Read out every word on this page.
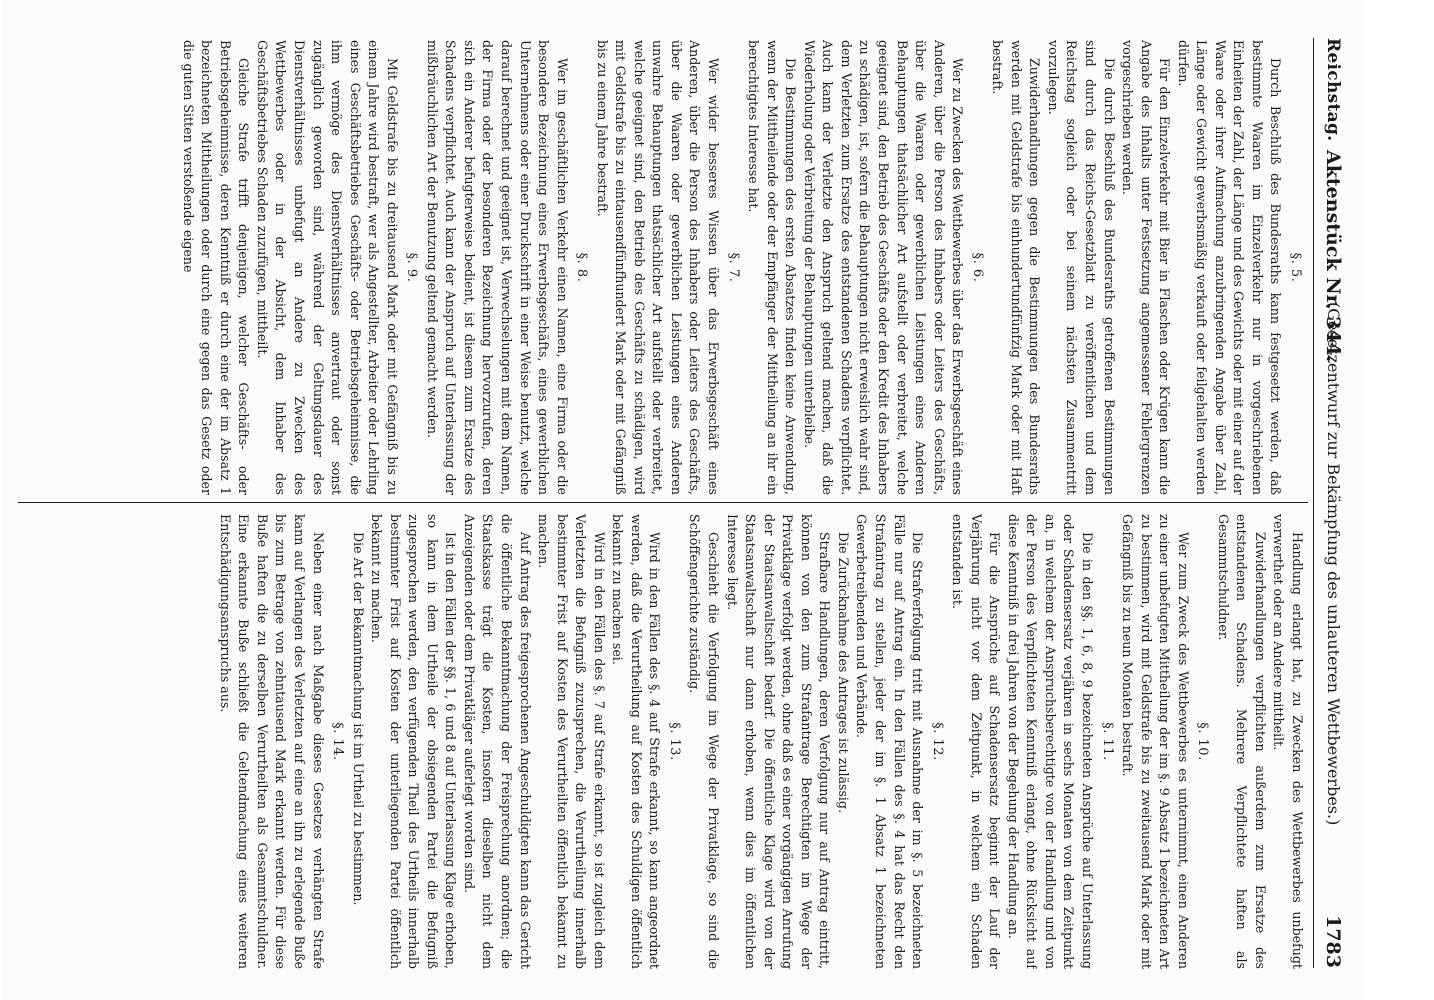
Reichstag.
Aktenstück Nr. 344.
(Gesetzentwurf zur Bekämpfung des unlauteren Wettbewerbes.)
1783
§. 5.

Durch Beschluß des Bundesraths kann festgesetzt werden, daß bestimmte Waaren im Einzelverkehr nur in vorgeschriebenen Einheiten der Zahl, der Länge und des Gewichts oder mit einer auf der Waare oder ihrer Aufmachung anzubringenden Angabe über Zahl, Länge oder Gewicht gewerbsmäßig verkauft oder feilgehalten werden dürfen.

Für den Einzelverkehr mit Bier in Flaschen oder Krügen kann die Angabe des Inhalts unter Festsetzung angemessener Fehlergrenzen vorgeschrieben werden.

Die durch Beschluß des Bundesraths getroffenen Bestimmungen sind durch das Reichs-Gesetzblatt zu veröffentlichen und dem Reichstag sogleich oder bei seinem nächsten Zusammentritt vorzulegen.

Zuwiderhandlungen gegen die Bestimmungen des Bundesraths werden mit Geldstrafe bis einhundertundfünfzig Mark oder mit Haft bestraft.

§. 6.

Wer zu Zwecken des Wettbewerbes über das Erwerbsgeschäft eines Anderen, über die Person des Inhabers oder Leiters des Geschäfts, über die Waaren oder gewerblichen Leistungen eines Anderen Behauptungen thatsächlicher Art aufstellt oder verbreitet, welche geeignet sind, den Betrieb des Geschäfts oder den Kredit des Inhabers zu schädigen, ist, sofern die Behauptungen nicht erweislich wahr sind, dem Verletzten zum Ersatze des entstandenen Schadens verpflichtet. Auch kann der Verletzte den Anspruch geltend machen, daß die Wiederholung oder Verbreitung der Behauptungen unterbleibe.

Die Bestimmungen des ersten Absatzes finden keine Anwendung, wenn der Mittheilende oder der Empfänger der Mittheilung an ihr ein berechtigtes Interesse hat.

§. 7.

Wer wider besseres Wissen über das Erwerbsgeschäft eines Anderen, über die Person des Inhabers oder Leiters des Geschäfts, über die Waaren oder gewerblichen Leistungen eines Anderen unwahre Behauptungen thatsächlicher Art aufstellt oder verbreitet, welche geeignet sind, den Betrieb des Geschäfts zu schädigen, wird mit Geldstrafe bis zu eintausendfünfhundert Mark oder mit Gefängniß bis zu einem Jahre bestraft.

§. 8.

Wer im geschäftlichen Verkehr einen Namen, eine Firma oder die besondere Bezeichnung eines Erwerbsgeschäfts, eines gewerblichen Unternehmens oder einer Druckschrift in einer Weise benutzt, welche darauf berechnet und geeignet ist, Verwechselungen mit dem Namen, der Firma oder der besonderen Bezeichnung hervorzurufen, deren sich ein Anderer befugterweise bedient, ist diesem zum Ersatze des Schadens verpflichtet. Auch kann der Anspruch auf Unterlassung der mißbräuchlichen Art der Benutzung geltend gemacht werden.

§. 9.

Mit Geldstrafe bis zu dreitausend Mark oder mit Gefängniß bis zu einem Jahre wird bestraft, wer als Angestellter, Arbeiter oder Lehrling eines Geschäftsbetriebes Geschäfts- oder Betriebsgeheimnisse, die ihm vermöge des Dienstverhältnisses anvertraut oder sonst zugänglich geworden sind, während der Geltungsdauer des Dienstverhältnisses unbefugt an Andere zu Zwecken des Wettbewerbes oder in der Absicht, dem Inhaber des Geschäftsbetriebes Schaden zuzufügen, mittheilt.

Gleiche Strafe trifft denjenigen, welcher Geschäfts- oder Betriebsgeheimnisse, deren Kenntniß er durch eine der im Absatz 1 bezeichneten Mittheilungen oder durch eine gegen das Gesetz oder die guten Sitten verstoßende eigene

Handlung erlangt hat, zu Zwecken des Wettbewerbes unbefugt verwerthet oder an Andere mittheilt.

Zuwiderhandlungen verpflichten außerdem zum Ersatze des entstandenen Schadens. Mehrere Verpflichtete haften als Gesammtschuldner.

§. 10.

Wer zum Zweck des Wettbewerbes es unternimmt, einen Anderen zu einer unbefugten Mittheilung der im §. 9 Absatz 1 bezeichneten Art zu bestimmen, wird mit Geldstrafe bis zu zweitausend Mark oder mit Gefängniß bis zu neun Monaten bestraft.

§. 11.

Die in den §§. 1, 6, 8, 9 bezeichneten Ansprüche auf Unterlassung oder Schadensersatz verjähren in sechs Monaten von dem Zeitpunkt an, in welchem der Anspruchsberechtigte von der Handlung und von der Person des Verpflichteten Kenntniß erlangt, ohne Rücksicht auf diese Kenntniß in drei Jahren von der Begehung der Handlung an.

Für die Ansprüche auf Schadensersatz beginnt der Lauf der Verjährung nicht vor dem Zeitpunkt, in welchem ein Schaden entstanden ist.

§. 12.

Die Strafverfolgung tritt mit Ausnahme der im §. 5 bezeichneten Fälle nur auf Antrag ein. In den Fällen des §. 4 hat das Recht den Strafantrag zu stellen, jeder der im §. 1 Absatz 1 bezeichneten Gewerbetreibenden und Verbände.

Die Zurücknahme des Antrages ist zulässig.

Strafbare Handlungen, deren Verfolgung nur auf Antrag eintritt, können von den zum Strafantrage Berechtigten im Wege der Privatklage verfolgt werden, ohne daß es einer vorgängigen Anrufung der Staatsanwaltschaft bedarf. Die öffentliche Klage wird von der Staatsanwaltschaft nur dann erhoben, wenn dies im öffentlichen Interesse liegt.

Geschieht die Verfolgung im Wege der Privatklage, so sind die Schöffengerichte zuständig.

§. 13.

Wird in den Fällen des §. 4 auf Strafe erkannt, so kann angeordnet werden, daß die Verurtheilung auf Kosten des Schuldigen öffentlich bekannt zu machen sei.

Wird in den Fällen des §. 7 auf Strafe erkannt, so ist zugleich dem Verletzten die Befugniß zuzusprechen, die Verurtheilung innerhalb bestimmter Frist auf Kosten des Verurtheilten öffentlich bekannt zu machen.

Auf Antrag des freigesprochenen Angeschuldigten kann das Gericht die öffentliche Bekanntmachung der Freisprechung anordnen; die Staatskasse trägt die Kosten, insofern dieselben nicht dem Anzeigenden oder dem Privatkläger auferlegt worden sind.

Ist in den Fällen der §§. 1, 6 und 8 auf Unterlassung Klage erhoben, so kann in dem Urtheile der obsiegenden Partei die Befugniß zugesprochen werden, den verfügenden Theil des Urtheils innerhalb bestimmter Frist auf Kosten der unterliegenden Partei öffentlich bekannt zu machen.

Die Art der Bekanntmachung ist im Urtheil zu bestimmen.

§. 14.

Neben einer nach Maßgabe dieses Gesetzes verhängten Strafe kann auf Verlangen des Verletzten auf eine an ihn zu erlegende Buße bis zum Betrage von zehntausend Mark erkannt werden. Für diese Buße haften die zu derselben Verurtheilten als Gesammtschuldner. Eine erkannte Buße schließt die Geltendmachung eines weiteren Entschädigungsanspruchs aus.
